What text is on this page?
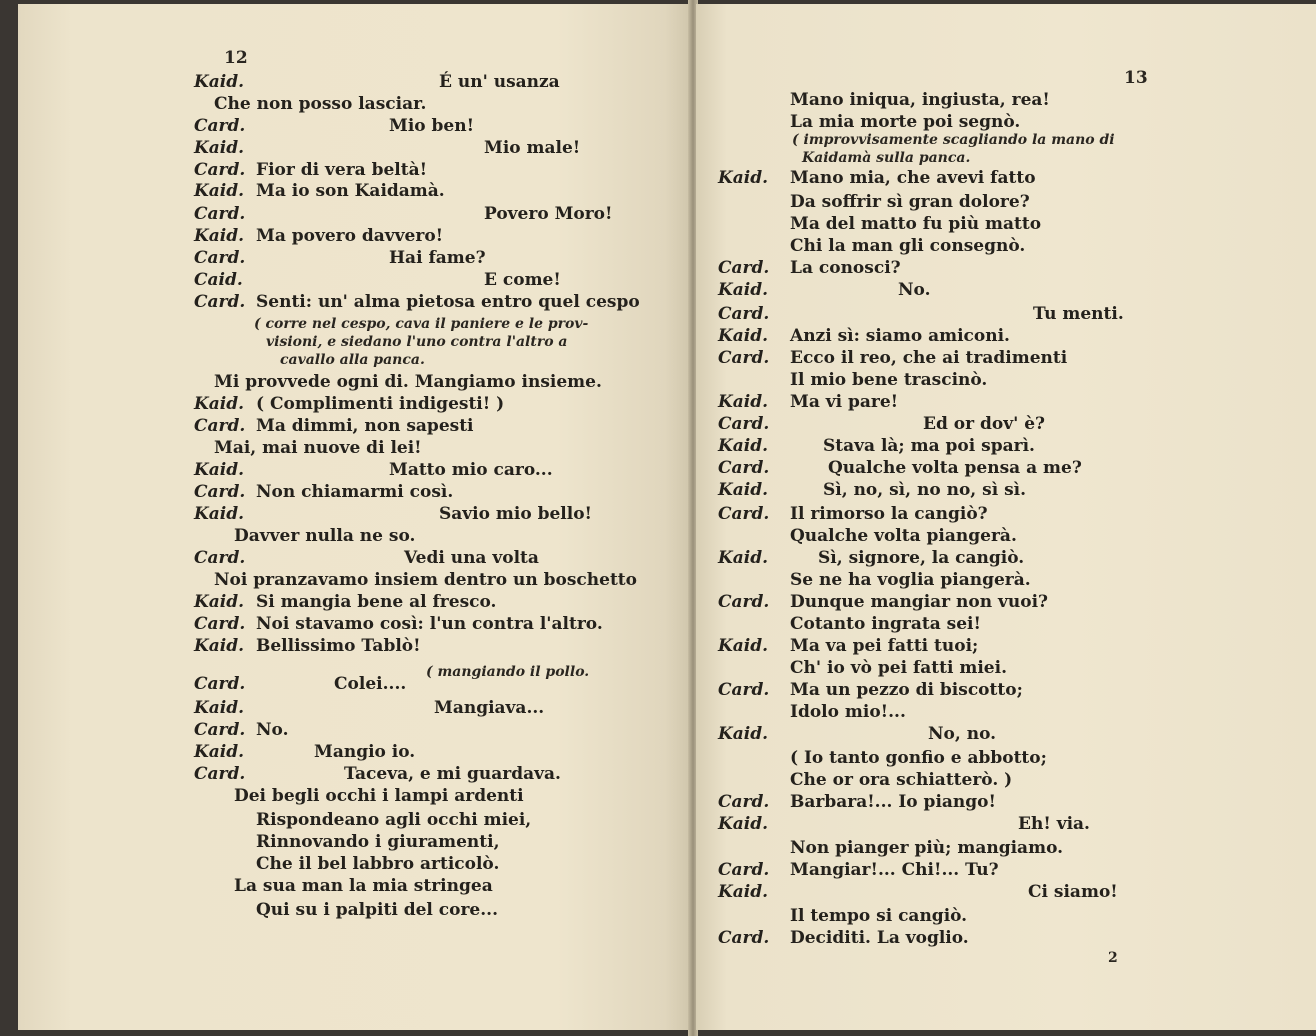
12
Kaid.	É un' usanza
Che non posso lasciar.
Card.	Mio ben!
Kaid.	Mio male!
Card. Fior di vera beltà!
Kaid. Ma io son Kaidamà.
Card.	Povero Moro!
Kaid. Ma povero davvero!
Card.	Hai fame?
Caid.	E come!
Card. Senti: un' alma pietosa entro quel cespo
Mi provvede ogni di. Mangiamo insieme.
Kaid. ( Complimenti indigesti! )
Card. Ma dimmi, non sapesti
Mai, mai nuove di lei!
Kaid.	Matto mio caro...
Card. Non chiamarmi così.
Kaid.	Savio mio bello!
Davver nulla ne so.
Card.	Vedi una volta
Noi pranzavamo insiem dentro un boschetto
Kaid. Si mangia bene al fresco.
Card. Noi stavamo così: l'un contra l'altro.
Kaid. Bellissimo Tablò!
Card.	Colei....
Kaid.	Mangiava...
Card. No.
Kaid.	Mangio io.
Card.	Taceva, e mi guardava.
Dei begli occhi i lampi ardenti
Rispondeano agli occhi miei,
Rinnovando i giuramenti,
Che il bel labbro articolò.
La sua man la mia stringea
Qui su i palpiti del core...
( corre nel cespo, cava il paniere e le prov-
visioni, e siedano l'uno contra l'altro a
cavallo alla panca.
( mangiando il pollo.
13
2
Mano iniqua, ingiusta, rea!
La mia morte poi segnò.
Kaid. Mano mia, che avevi fatto
Da soffrir sì gran dolore?
Ma del matto fu più matto
Chi la man gli consegnò.
Card. La conosci?
Kaid.	No.
Card.	Tu menti.
Kaid. Anzi sì: siamo amiconi.
Card. Ecco il reo, che ai tradimenti
Il mio bene trascinò.
Kaid. Ma vi pare!
Card.	Ed or dov' è?
Kaid.	Stava là; ma poi sparì.
Card.	Qualche volta pensa a me?
Kaid.	Sì, no, sì, no no, sì sì.
Card. Il rimorso la cangiò?
Qualche volta piangerà.
Kaid.	Sì, signore, la cangiò.
Se ne ha voglia piangerà.
Card. Dunque mangiar non vuoi?
Cotanto ingrata sei!
Kaid. Ma va pei fatti tuoi;
Ch' io vò pei fatti miei.
Card. Ma un pezzo di biscotto;
Idolo mio!...
Kaid.	No, no.
( Io tanto gonfio e abbotto;
Che or ora schiatterò. )
Card. Barbara!... Io piango!
Kaid.	Eh! via.
Non pianger più; mangiamo.
Card. Mangiar!... Chi!... Tu?
Kaid.	Ci siamo!
Il tempo si cangiò.
Card. Deciditi. La voglio.
( improvvisamente scagliando la mano di
Kaidamà sulla panca.
